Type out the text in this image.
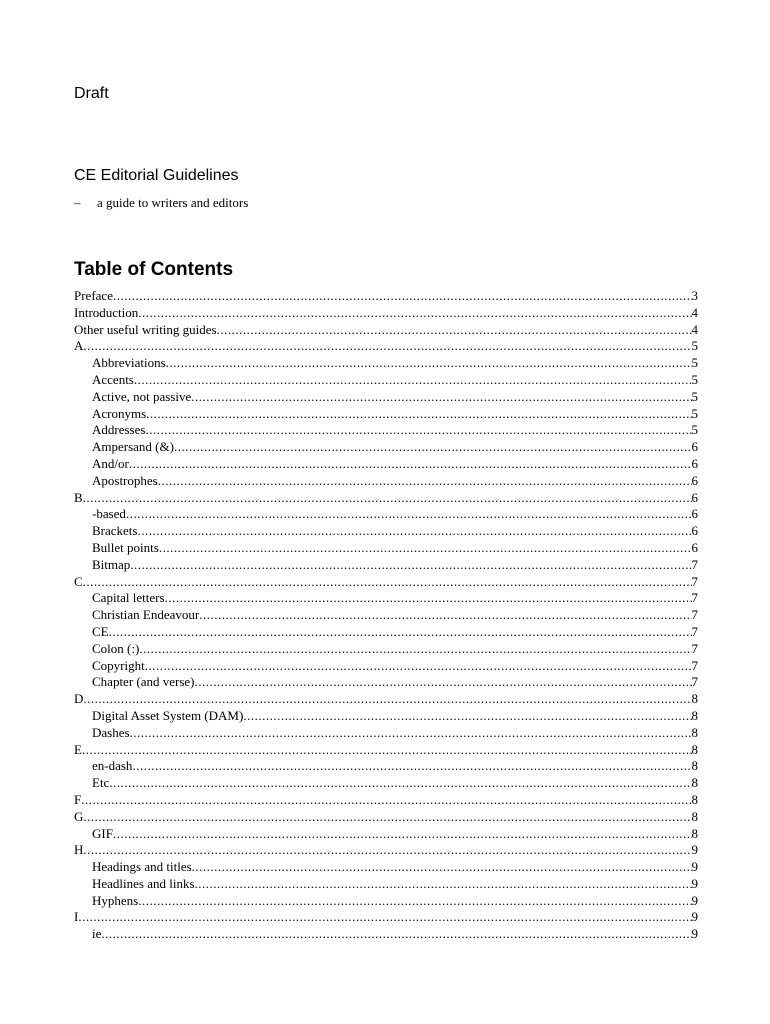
Draft
CE Editorial Guidelines
– a guide to writers and editors
Table of Contents
Preface .....	3
Introduction .....	4
Other useful writing guides .....	4
A .....	5
Abbreviations .....	5
Accents .....	5
Active, not passive .....	5
Acronyms .....	5
Addresses .....	5
Ampersand (&) .....	6
And/or .....	6
Apostrophes .....	6
B .....	6
-based .....	6
Brackets .....	6
Bullet points .....	6
Bitmap .....	7
C .....	7
Capital letters .....	7
Christian Endeavour .....	7
CE .....	7
Colon (:) .....	7
Copyright .....	7
Chapter (and verse) .....	7
D .....	8
Digital Asset System (DAM) .....	8
Dashes .....	8
E .....	8
en-dash .....	8
Etc .....	8
F .....	8
G .....	8
GIF .....	8
H .....	9
Headings and titles .....	9
Headlines and links .....	9
Hyphens .....	9
I .....	9
ie .....	9
